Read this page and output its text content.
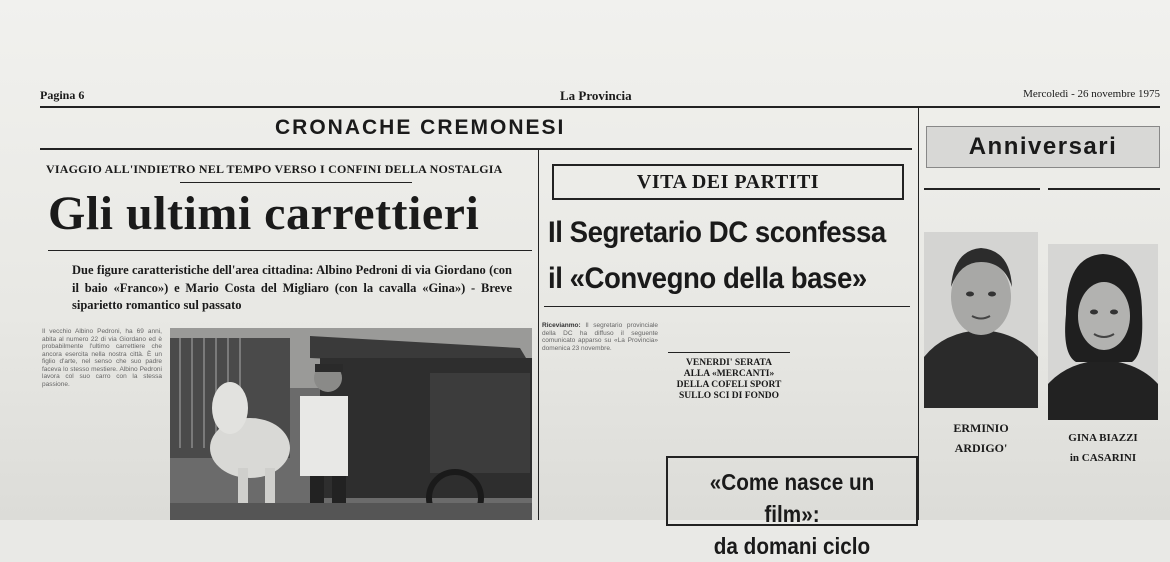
Pagina 6	La Provincia	Mercoledì - 26 novembre 1975
CRONACHE CREMONESI
VIAGGIO ALL'INDIETRO NEL TEMPO VERSO I CONFINI DELLA NOSTALGIA
Gli ultimi carrettieri
Due figure caratteristiche dell'area cittadina: Albino Pedroni di via Giordano (con il baio «Franco») e Mario Costa del Migliaro (con la cavalla «Gina») - Breve siparietto romantico sul passato
Il vecchio Albino Pedroni, ha 69 anni, abita al numero 22 di via Giordano ed è probabilmente l'ultimo carrettiere che ancora esercita nella nostra città. È un figlio d'arte, nel senso che suo padre faceva lo stesso mestiere. Albino Pedroni lavora col suo carro con la stessa passione.
VITA DEI PARTITI
Il Segretario DC sconfessa
il «Convegno della base»
Ricevianmo: Il segretario provinciale della DC ha diffuso il seguente comunicato apparso su «La Provincia» domenica 23 novembre.
VENERDI' SERATA
ALLA «MERCANTI»
DELLA COFELI SPORT
SULLO SCI DI FONDO
«Come nasce un film»:
da domani ciclo
Anniversari
ERMINIO
ARDIGO'
GINA BIAZZI
in CASARINI
